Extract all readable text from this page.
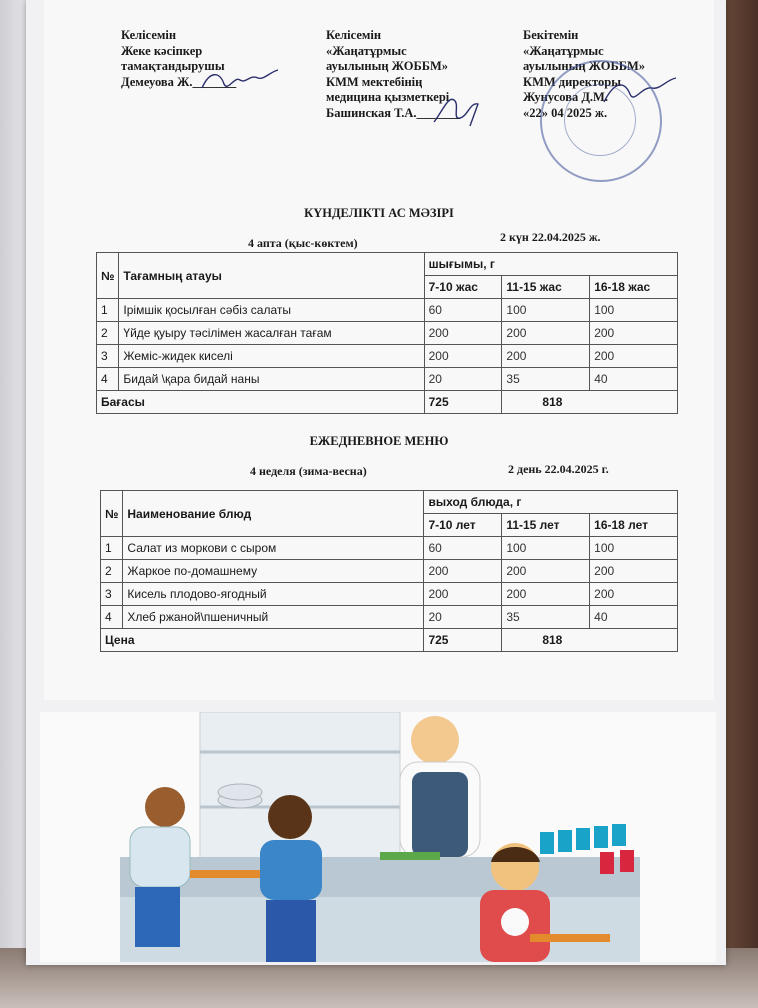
Келісемін
Жеке кәсіпкер
тамақтандырушы
Демеуова Ж._______
Келісемін
«Жаңатұрмыс
ауылының ЖОББМ»
КММ мектебінің
медицина қызметкері
Башинская Т.А._______
Бекітемін
«Жаңатұрмыс
ауылының ЖОББМ»
КММ директоры
Жунусова Д.М.
«22» 04 2025 ж.
КҮНДЕЛІКТІ АС МӘЗІРІ
4 апта (қыс-көктем)	2 күн 22.04.2025 ж.
№	Тағамның атауы	шығымы, г		
		7-10 жас	11-15 жас	16-18 жас
1	Ірімшік қосылған сәбіз салаты	60	100	100
2	Үйде қуыру тәсілімен жасалған тағам	200	200	200
3	Жеміс-жидек киселі	200	200	200
4	Бидай \қара бидай наны	20	35	40
Бағасы		725	818	
ЕЖЕДНЕВНОЕ МЕНЮ
4 неделя (зима-весна)	2 день 22.04.2025 г.
№	Наименование блюд	выход блюда, г		
		7-10 лет	11-15 лет	16-18 лет
1	Салат из моркови с сыром	60	100	100
2	Жаркое по-домашнему	200	200	200
3	Кисель плодово-ягодный	200	200	200
4	Хлеб ржаной\пшеничный	20	35	40
Цена		725	818	
